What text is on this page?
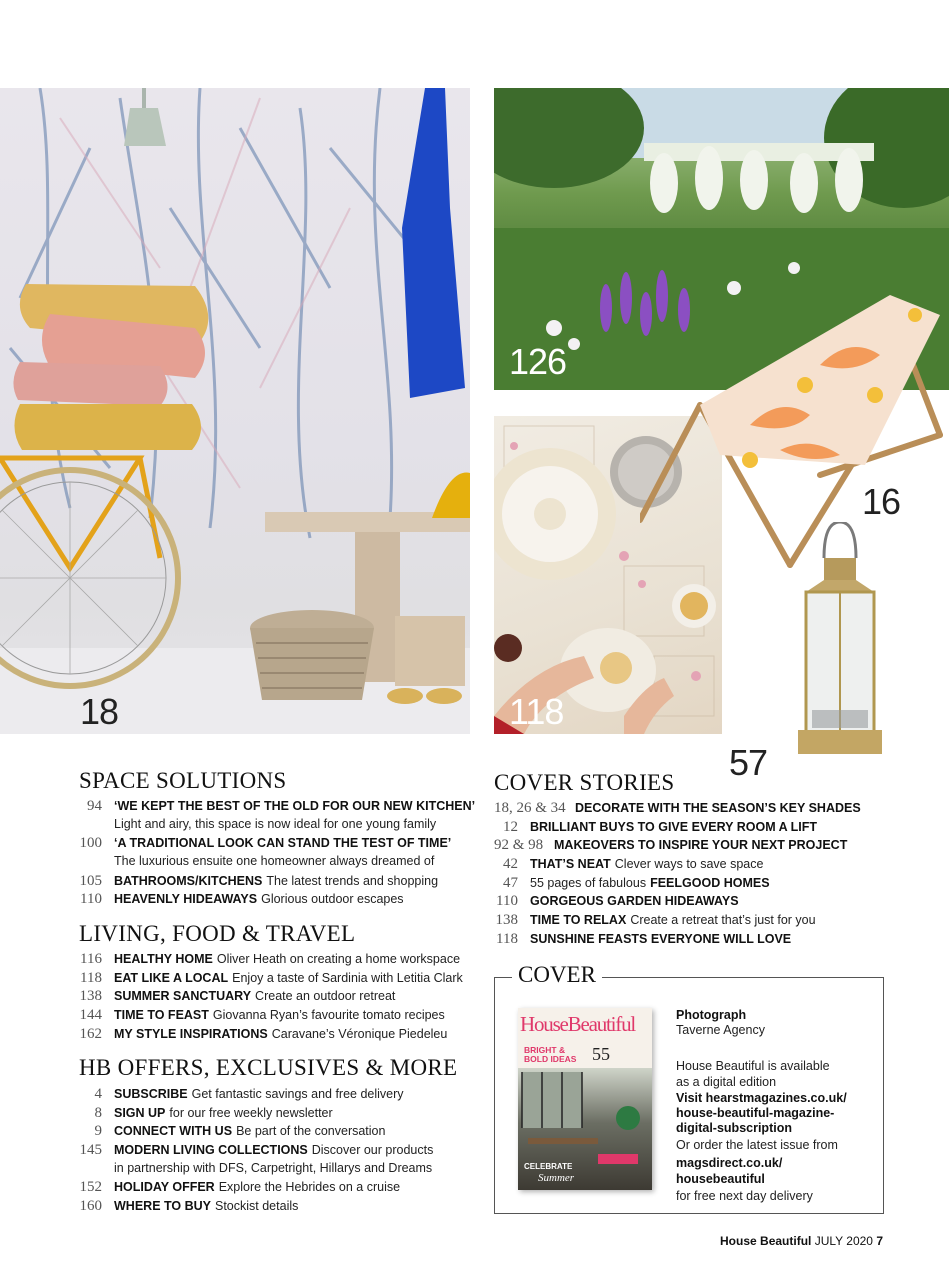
18
126
118
16
57
SPACE SOLUTIONS
94 ‘WE KEPT THE BEST OF THE OLD FOR OUR NEW KITCHEN’
Light and airy, this space is now ideal for one young family
100 ‘A TRADITIONAL LOOK CAN STAND THE TEST OF TIME’
The luxurious ensuite one homeowner always dreamed of
105 BATHROOMS/KITCHENS The latest trends and shopping
110 HEAVENLY HIDEAWAYS Glorious outdoor escapes
LIVING, FOOD & TRAVEL
116 HEALTHY HOME Oliver Heath on creating a home workspace
118 EAT LIKE A LOCAL Enjoy a taste of Sardinia with Letitia Clark
138 SUMMER SANCTUARY Create an outdoor retreat
144 TIME TO FEAST Giovanna Ryan’s favourite tomato recipes
162 MY STYLE INSPIRATIONS Caravane’s Véronique Piedeleu
HB OFFERS, EXCLUSIVES & MORE
4 SUBSCRIBE Get fantastic savings and free delivery
8 SIGN UP for our free weekly newsletter
9 CONNECT WITH US Be part of the conversation
145 MODERN LIVING COLLECTIONS Discover our products
in partnership with DFS, Carpetright, Hillarys and Dreams
152 HOLIDAY OFFER Explore the Hebrides on a cruise
160 WHERE TO BUY Stockist details
COVER STORIES
18, 26 & 34 DECORATE WITH THE SEASON’S KEY SHADES
12 BRILLIANT BUYS TO GIVE EVERY ROOM A LIFT
92 & 98 MAKEOVERS TO INSPIRE YOUR NEXT PROJECT
42 THAT’S NEAT Clever ways to save space
47 55 pages of fabulous FEELGOOD HOMES
110 GORGEOUS GARDEN HIDEAWAYS
138 TIME TO RELAX Create a retreat that’s just for you
118 SUNSHINE FEASTS EVERYONE WILL LOVE
COVER
HouseBeautiful
BRIGHT &
BOLD IDEAS 55
CELEBRATE
Summer
Photograph
Taverne Agency
House Beautiful is available
as a digital edition
Visit hearstmagazines.co.uk/
house-beautiful-magazine-
digital-subscription
Or order the latest issue from
magsdirect.co.uk/
housebeautiful
for free next day delivery
House Beautiful JULY 2020 7
